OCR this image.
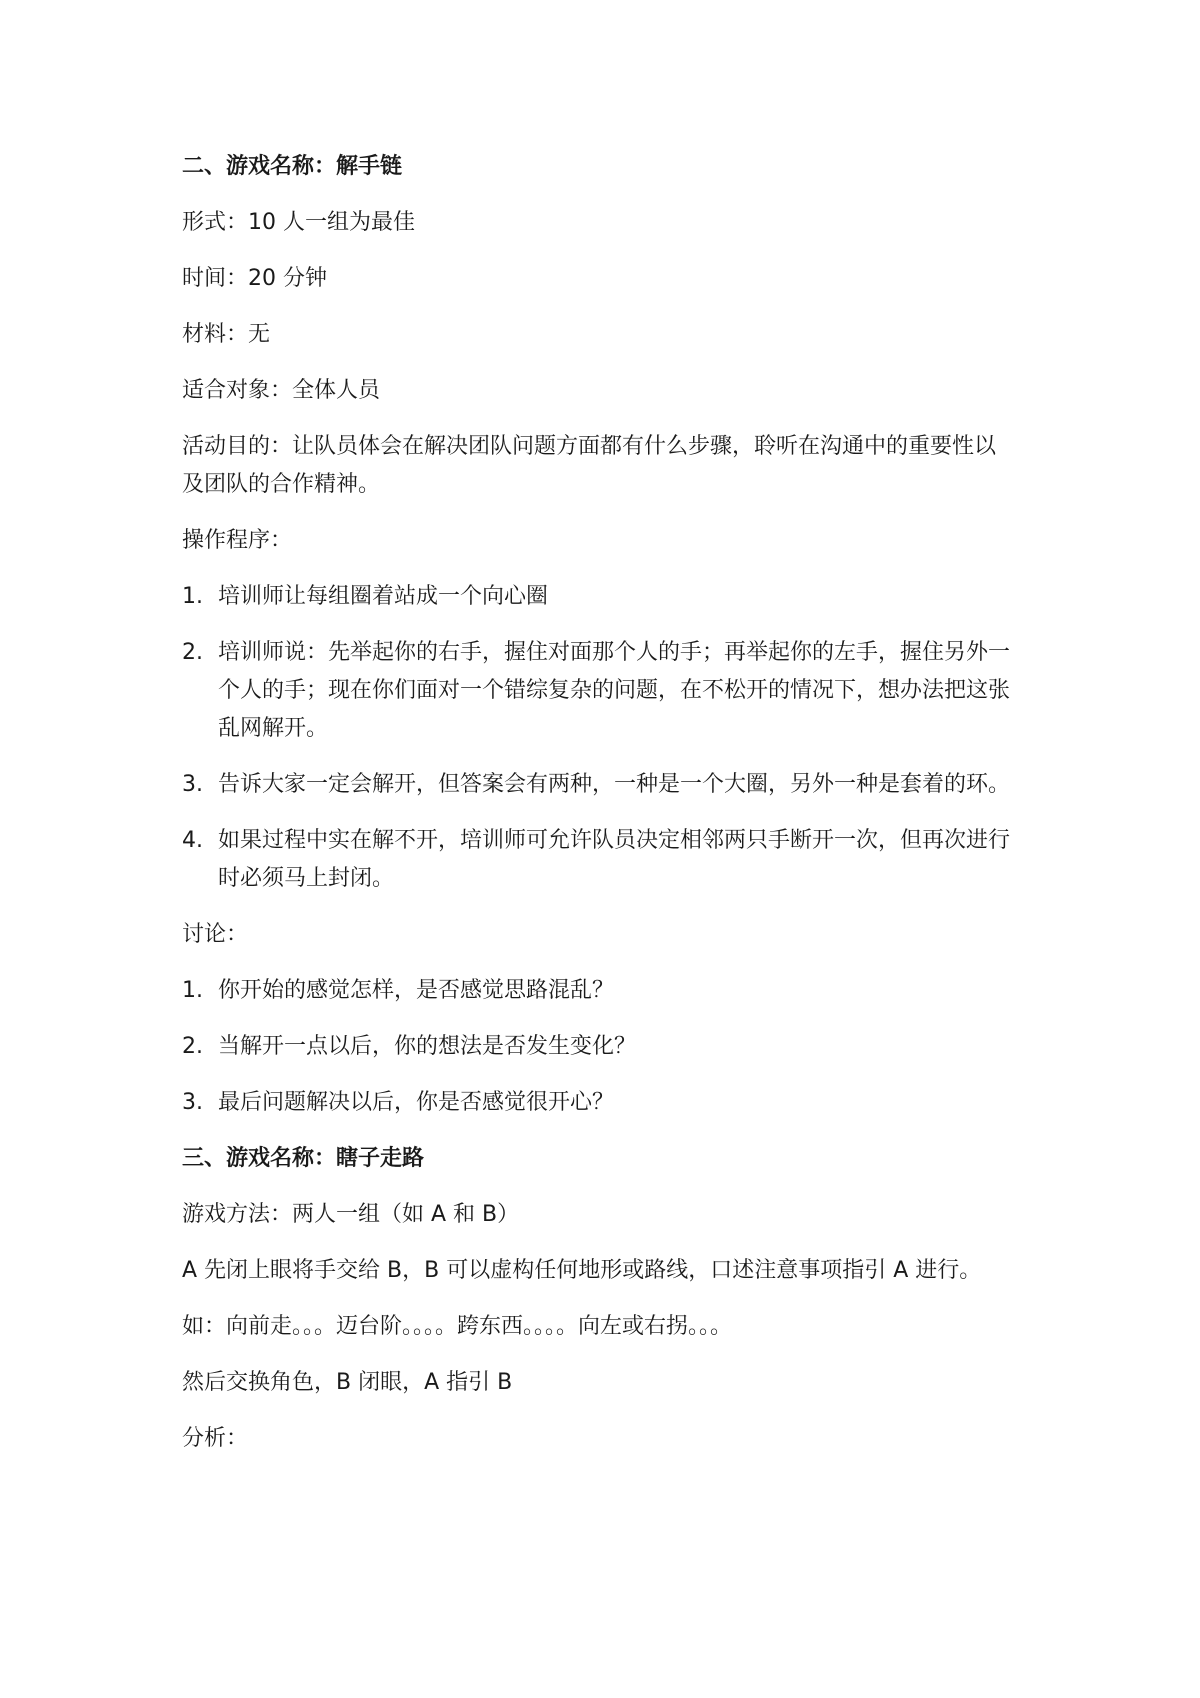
二、游戏名称：解手链

形式：10 人一组为最佳

时间：20 分钟

材料：无

适合对象：全体人员

活动目的：让队员体会在解决团队问题方面都有什么步骤，聆听在沟通中的重要性以

及团队的合作精神。

操作程序：

1. 培训师让每组圈着站成一个向心圈
2. 培训师说：先举起你的右手，握住对面那个人的手；再举起你的左手，握住另外一
个人的手；现在你们面对一个错综复杂的问题，在不松开的情况下，想办法把这张
乱网解开。
3. 告诉大家一定会解开，但答案会有两种，一种是一个大圈，另外一种是套着的环。
4. 如果过程中实在解不开，培训师可允许队员决定相邻两只手断开一次，但再次进行
时必须马上封闭。

讨论：

1. 你开始的感觉怎样，是否感觉思路混乱？
2. 当解开一点以后，你的想法是否发生变化？
3. 最后问题解决以后，你是否感觉很开心？

三、游戏名称：瞎子走路

游戏方法：两人一组（如 A 和 B）

A 先闭上眼将手交给 B，B 可以虚构任何地形或路线，口述注意事项指引 A 进行。

如：向前走。。。迈台阶。。。。跨东西。。。。向左或右拐。。。

然后交换角色，B 闭眼，A 指引 B

分析：
